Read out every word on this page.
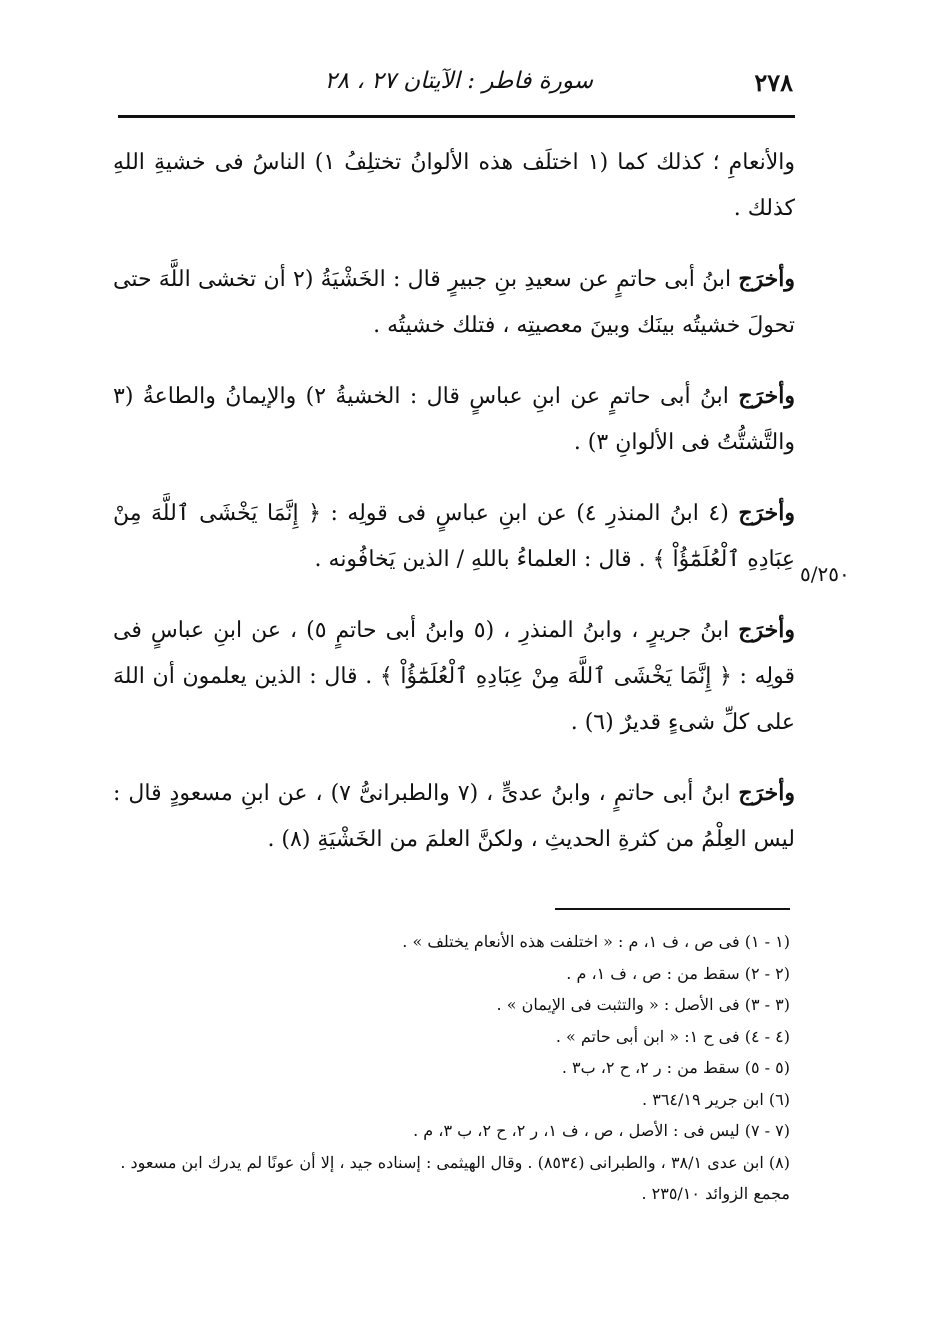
٢٧٨
سورة فاطر : الآيتان ٢٧ ، ٢٨

والأنعامِ ؛ كذلك كما (١ اختلَف هذه الألوانُ تختلِفُ ١) الناسُ فى خشيةِ اللهِ كذلك .

وأخرَج ابنُ أبى حاتمٍ عن سعيدِ بنِ جبيرٍ قال : الخَشْيَةُ (٢ أن تخشى اللَّهَ حتى تحولَ خشيتُه بينَك وبينَ معصيتِه ، فتلك خشيتُه .

وأخرَج ابنُ أبى حاتمٍ عن ابنِ عباسٍ قال : الخشيةُ ٢) والإيمانُ والطاعةُ (٣ والتَّشتُّتُ فى الألوانِ ٣) .

وأخرَج (٤ ابنُ المنذرِ ٤) عن ابنِ عباسٍ فى قولِه : ﴿ إِنَّمَا يَخْشَى ٱللَّهَ مِنْ عِبَادِهِ ٱلْعُلَمَٰٓؤُاْ ﴾ . قال : العلماءُ باللهِ / الذين يَخافُونه .

وأخرَج ابنُ جريرٍ ، وابنُ المنذرِ ، (٥ وابنُ أبى حاتمٍ ٥) ، عن ابنِ عباسٍ فى قولِه : ﴿ إِنَّمَا يَخْشَى ٱللَّهَ مِنْ عِبَادِهِ ٱلْعُلَمَٰٓؤُاْ ﴾ . قال : الذين يعلمون أن اللهَ على كلِّ شىءٍ قديرٌ (٦) .

وأخرَج ابنُ أبى حاتمٍ ، وابنُ عدىٍّ ، (٧ والطبرانىُّ ٧) ، عن ابنِ مسعودٍ قال : ليس العِلْمُ من كثرةِ الحديثِ ، ولكنَّ العلمَ من الخَشْيَةِ (٨) .

٥/٢٥٠

(١ - ١) فى ص ، ف ١، م : « اختلفت هذه الأنعام يختلف » .

(٢ - ٢) سقط من : ص ، ف ١، م .

(٣ - ٣) فى الأصل : « والتثبت فى الإيمان » .

(٤ - ٤) فى ح ١: « ابن أبى حاتم » .

(٥ - ٥) سقط من : ر ٢، ح ٢، ب٣ .

(٦) ابن جرير ٣٦٤/١٩ .

(٧ - ٧) ليس فى : الأصل ، ص ، ف ١، ر ٢، ح ٢، ب ٣، م .

(٨) ابن عدى ٣٨/١ ، والطبرانى (٨٥٣٤) . وقال الهيثمى : إسناده جيد ، إلا أن عونًا لم يدرك ابن مسعود . مجمع الزوائد ٢٣٥/١٠ .
